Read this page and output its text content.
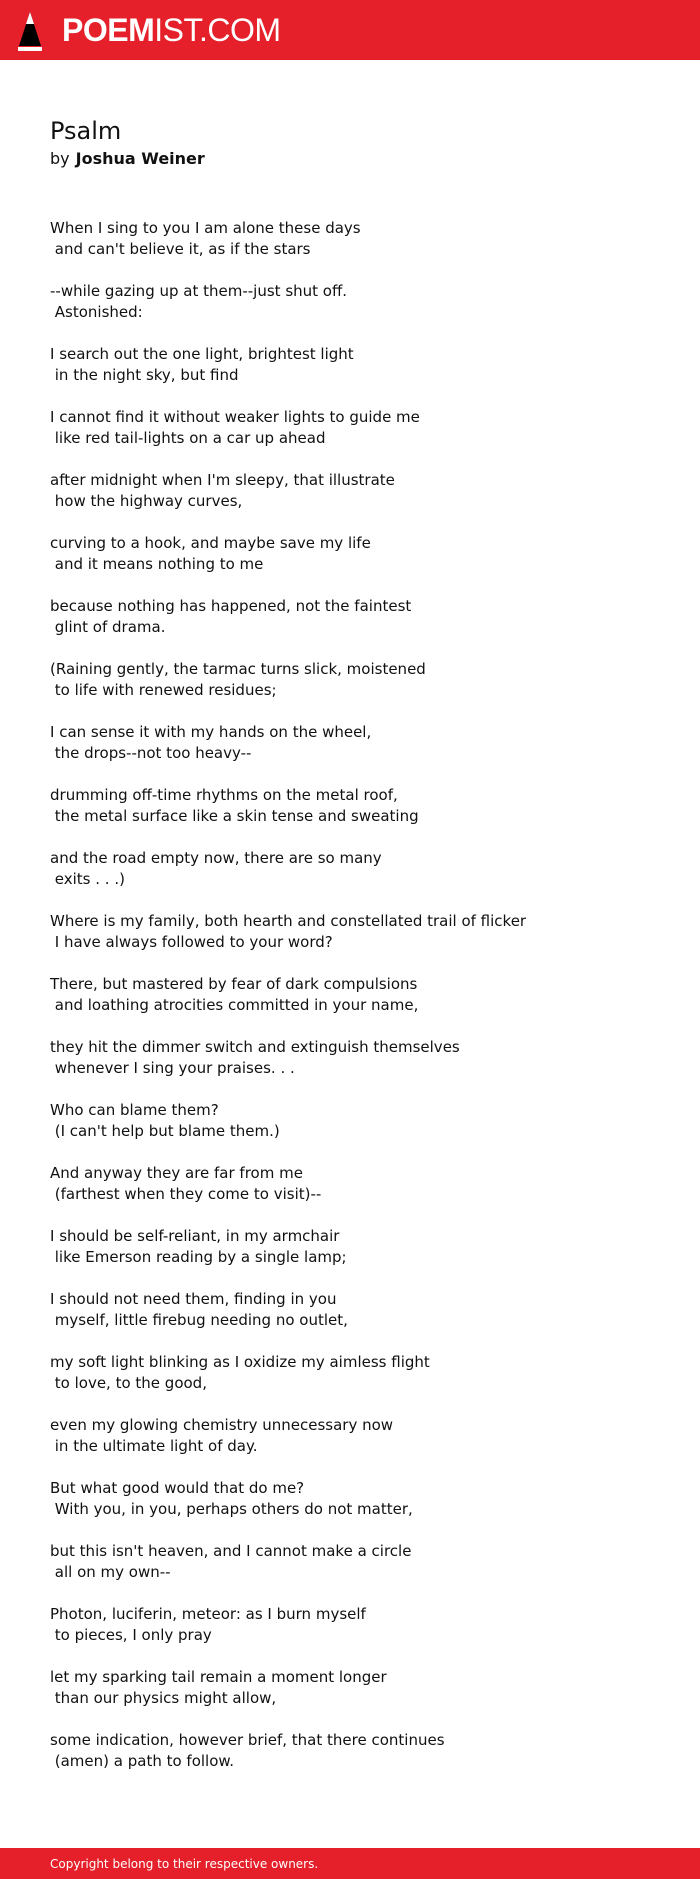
POEMIST.COM
Psalm
by Joshua Weiner
When I sing to you I am alone these days
and can't believe it, as if the stars
--while gazing up at them--just shut off.
Astonished:
I search out the one light, brightest light
in the night sky, but find
I cannot find it without weaker lights to guide me
like red tail-lights on a car up ahead
after midnight when I'm sleepy, that illustrate
how the highway curves,
curving to a hook, and maybe save my life
and it means nothing to me
because nothing has happened, not the faintest
glint of drama.
(Raining gently, the tarmac turns slick, moistened
to life with renewed residues;
I can sense it with my hands on the wheel,
the drops--not too heavy--
drumming off-time rhythms on the metal roof,
the metal surface like a skin tense and sweating
and the road empty now, there are so many
exits . . .)
Where is my family, both hearth and constellated trail of flicker
I have always followed to your word?
There, but mastered by fear of dark compulsions
and loathing atrocities committed in your name,
they hit the dimmer switch and extinguish themselves
whenever I sing your praises. . .
Who can blame them?
(I can't help but blame them.)
And anyway they are far from me
(farthest when they come to visit)--
I should be self-reliant, in my armchair
like Emerson reading by a single lamp;
I should not need them, finding in you
myself, little firebug needing no outlet,
my soft light blinking as I oxidize my aimless flight
to love, to the good,
even my glowing chemistry unnecessary now
in the ultimate light of day.
But what good would that do me?
With you, in you, perhaps others do not matter,
but this isn't heaven, and I cannot make a circle
all on my own--
Photon, luciferin, meteor: as I burn myself
to pieces, I only pray
let my sparking tail remain a moment longer
than our physics might allow,
some indication, however brief, that there continues
(amen) a path to follow.
Copyright belong to their respective owners.
